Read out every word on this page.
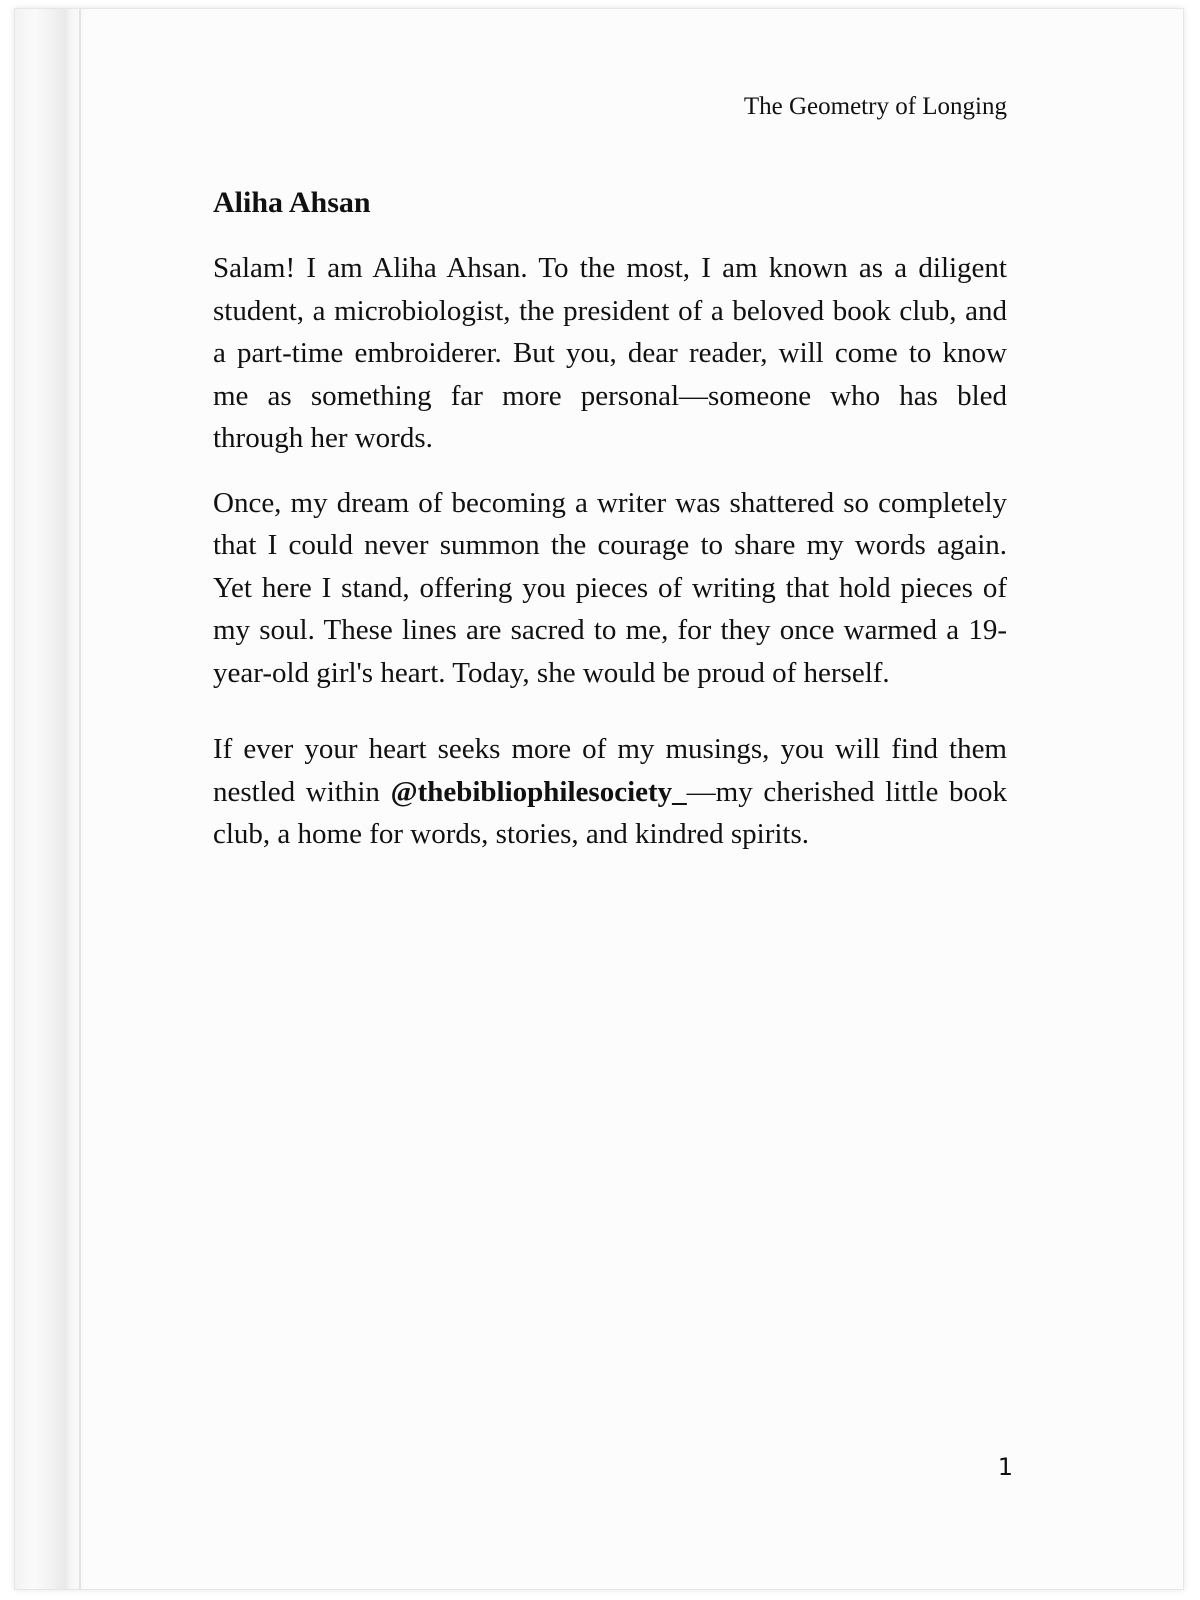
The Geometry of Longing
Aliha Ahsan

Salam! I am Aliha Ahsan. To the most, I am known as a diligent student, a microbiologist, the president of a beloved book club, and a part-time embroiderer. But you, dear reader, will come to know me as something far more personal—someone who has bled through her words.

Once, my dream of becoming a writer was shattered so completely that I could never summon the courage to share my words again. Yet here I stand, offering you pieces of writing that hold pieces of my soul. These lines are sacred to me, for they once warmed a 19-year-old girl's heart. Today, she would be proud of herself.

If ever your heart seeks more of my musings, you will find them nestled within @thebibliophilesociety_—my cherished little book club, a home for words, stories, and kindred spirits.

1
